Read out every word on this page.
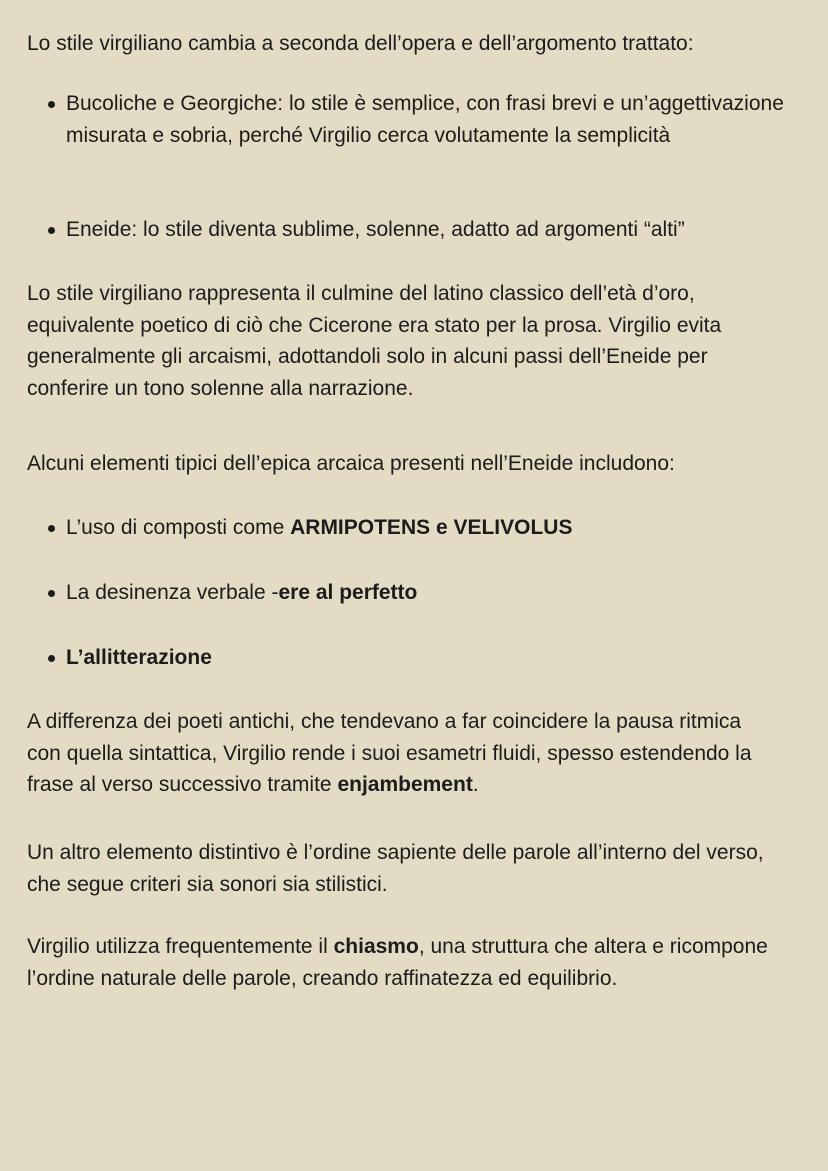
Lo stile virgiliano cambia a seconda dell’opera e dell’argomento trattato:
Bucoliche e Georgiche: lo stile è semplice, con frasi brevi e un’aggettivazione misurata e sobria, perché Virgilio cerca volutamente la semplicità
Eneide: lo stile diventa sublime, solenne, adatto ad argomenti “alti”
Lo stile virgiliano rappresenta il culmine del latino classico dell’età d’oro, equivalente poetico di ciò che Cicerone era stato per la prosa. Virgilio evita generalmente gli arcaismi, adottandoli solo in alcuni passi dell’Eneide per conferire un tono solenne alla narrazione.
Alcuni elementi tipici dell’epica arcaica presenti nell’Eneide includono:
L’uso di composti come ARMIPOTENS e VELIVOLUS
La desinenza verbale -ere al perfetto
L’allitterazione
A differenza dei poeti antichi, che tendevano a far coincidere la pausa ritmica con quella sintattica, Virgilio rende i suoi esametri fluidi, spesso estendendo la frase al verso successivo tramite enjambement.
Un altro elemento distintivo è l’ordine sapiente delle parole all’interno del verso, che segue criteri sia sonori sia stilistici.
Virgilio utilizza frequentemente il chiasmo, una struttura che altera e ricompone l’ordine naturale delle parole, creando raffinatezza ed equilibrio.
